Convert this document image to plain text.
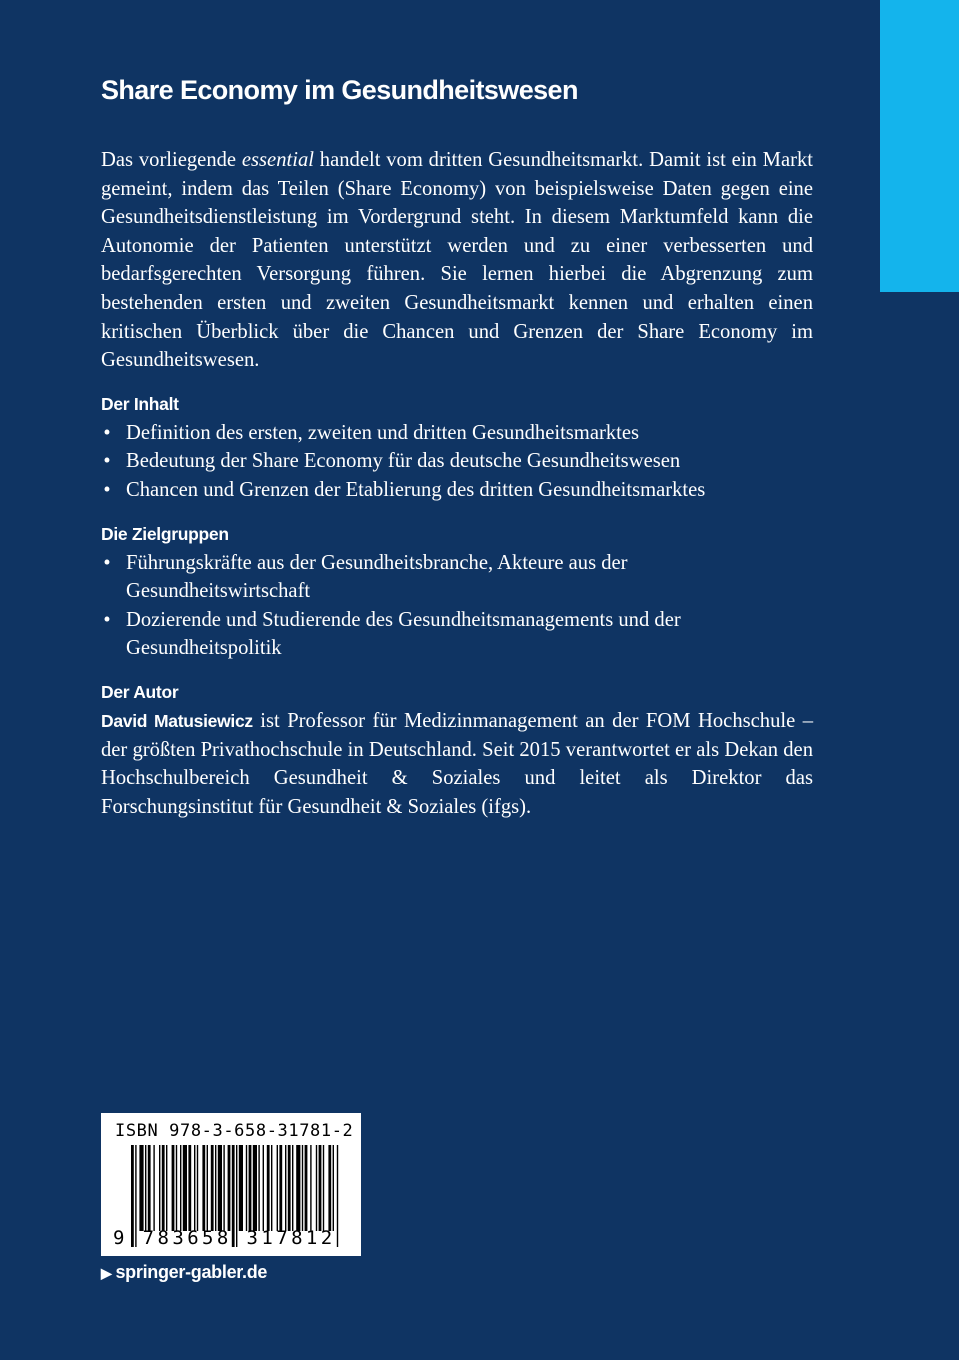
Share Economy im Gesundheitswesen

Das vorliegende essential handelt vom dritten Gesundheitsmarkt. Damit ist ein Markt gemeint, indem das Teilen (Share Economy) von beispielsweise Daten gegen eine Gesundheitsdienstleistung im Vordergrund steht. In diesem Marktumfeld kann die Autonomie der Patienten unterstützt werden und zu einer verbesserten und bedarfsgerechten Versorgung führen. Sie lernen hierbei die Abgrenzung zum bestehenden ersten und zweiten Gesundheitsmarkt kennen und erhalten einen kritischen Überblick über die Chancen und Grenzen der Share Economy im Gesundheitswesen.

Der Inhalt
• Definition des ersten, zweiten und dritten Gesundheitsmarktes
• Bedeutung der Share Economy für das deutsche Gesundheitswesen
• Chancen und Grenzen der Etablierung des dritten Gesundheitsmarktes
Die Zielgruppen
• Führungskräfte aus der Gesundheitsbranche, Akteure aus der Gesundheitswirtschaft
• Dozierende und Studierende des Gesundheitsmanagements und der Gesundheitspolitik
Der Autor

David Matusiewicz ist Professor für Medizinmanagement an der FOM Hochschule – der größten Privathochschule in Deutschland. Seit 2015 verantwortet er als Dekan den Hochschulbereich Gesundheit & Soziales und leitet als Direktor das Forschungsinstitut für Gesundheit & Soziales (ifgs).

ISBN 978-3-658-31781-2
9 783658 317812
▶ springer-gabler.de
